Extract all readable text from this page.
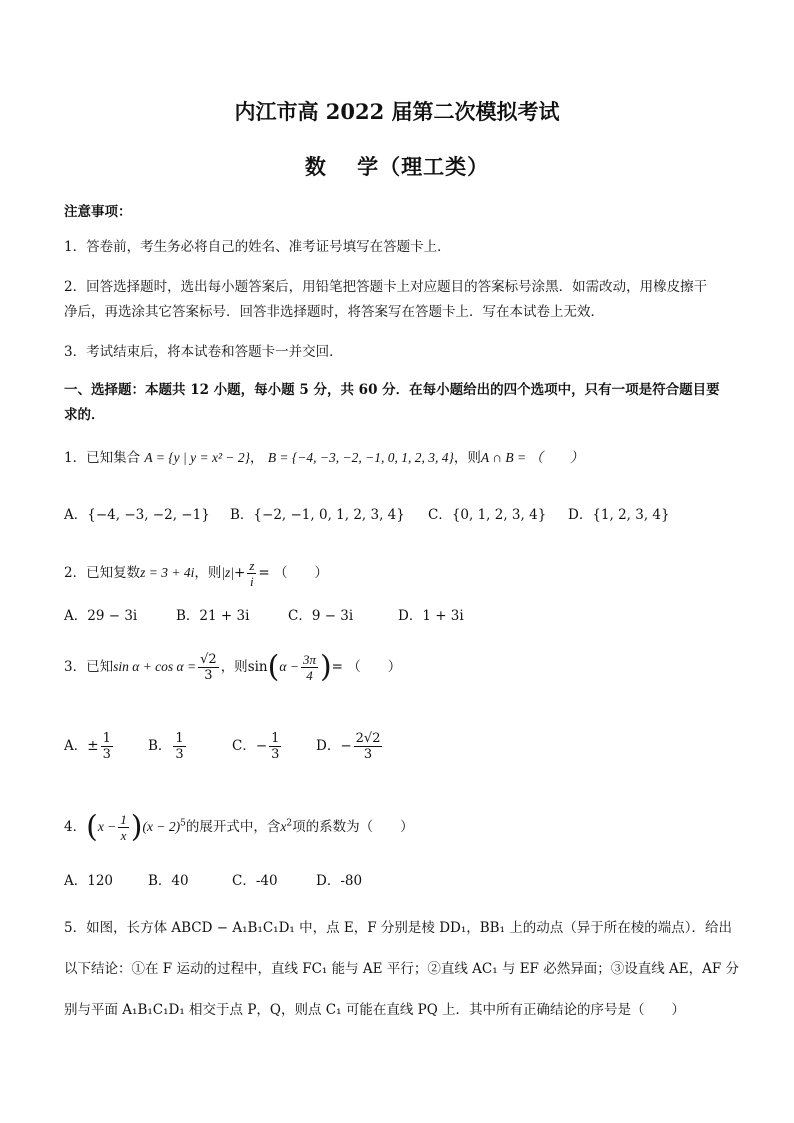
内江市高 2022 届第二次模拟考试
数　 学（理工类）
注意事项：
1．答卷前，考生务必将自己的姓名、准考证号填写在答题卡上．
2．回答选择题时，选出每小题答案后，用铅笔把答题卡上对应题目的答案标号涂黑．如需改动，用橡皮擦干
净后，再选涂其它答案标号．回答非选择题时，将答案写在答题卡上．写在本试卷上无效．
3．考试结束后，将本试卷和答题卡一并交回．
一、选择题：本题共 12 小题，每小题 5 分，共 60 分．在每小题给出的四个选项中，只有一项是符合题目要
求的．
1．已知集合 A = {y | y = x² − 2}， B = {−4, −3, −2, −1, 0, 1, 2, 3, 4}，则A ∩ B = （　　）
A．{−4, −3, −2, −1} B．{−2, −1, 0, 1, 2, 3, 4} C．{0, 1, 2, 3, 4} D．{1, 2, 3, 4}
2．已知复数z = 3 + 4i，则$|z|+ \frac{z}{i}$ = （　　）
A．29 − 3i	B．21 + 3i	C．9 − 3i	D．1 + 3i
3．已知$\sin \alpha + \cos \alpha = \frac{√2}{3}$ ，则$\sin(\alpha - \frac{3\pi}{4}$ )= （　　）
A．± $\frac{1}{3}$	B． $\frac{1}{3}$	C．− $\frac{1}{3}$	D．− $\frac{2√2}{3}$
4．$(x - \frac{1}{x} )(x - 2)^5$的展开式中，含$x^2$项的系数为（　　）
A．120	B．40	C．-40	D．-80
5．如图，长方体 ABCD − A₁B₁C₁D₁ 中，点 E，F 分别是棱 DD₁，BB₁ 上的动点（异于所在棱的端点）．给出
以下结论：①在 F 运动的过程中，直线 FC₁ 能与 AE 平行；②直线 AC₁ 与 EF 必然异面；③设直线 AE，AF 分
别与平面 A₁B₁C₁D₁ 相交于点 P，Q，则点 C₁ 可能在直线 PQ 上．其中所有正确结论的序号是（　　）
